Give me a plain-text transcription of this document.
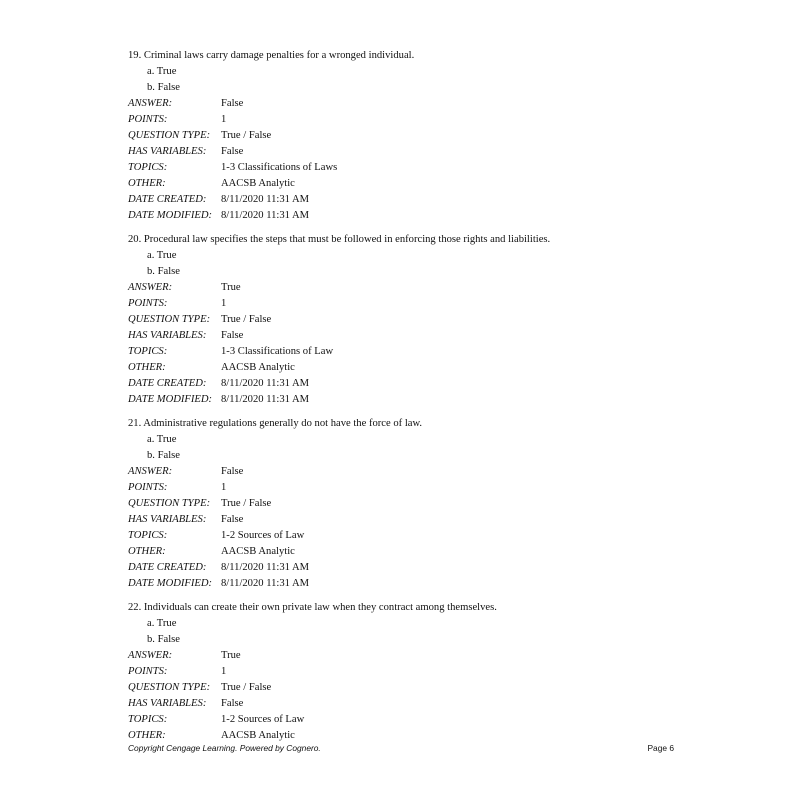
19. Criminal laws carry damage penalties for a wronged individual.
a. True
b. False
ANSWER:	False
POINTS:	1
QUESTION TYPE: True / False
HAS VARIABLES: False
TOPICS:	1-3 Classifications of Laws
OTHER:	AACSB Analytic
DATE CREATED: 8/11/2020 11:31 AM
DATE MODIFIED: 8/11/2020 11:31 AM
20. Procedural law specifies the steps that must be followed in enforcing those rights and liabilities.
a. True
b. False
ANSWER:	True
POINTS:	1
QUESTION TYPE: True / False
HAS VARIABLES: False
TOPICS:	1-3 Classifications of Law
OTHER:	AACSB Analytic
DATE CREATED: 8/11/2020 11:31 AM
DATE MODIFIED: 8/11/2020 11:31 AM
21. Administrative regulations generally do not have the force of law.
a. True
b. False
ANSWER:	False
POINTS:	1
QUESTION TYPE: True / False
HAS VARIABLES: False
TOPICS:	1-2 Sources of Law
OTHER:	AACSB Analytic
DATE CREATED: 8/11/2020 11:31 AM
DATE MODIFIED: 8/11/2020 11:31 AM
22. Individuals can create their own private law when they contract among themselves.
a. True
b. False
ANSWER:	True
POINTS:	1
QUESTION TYPE: True / False
HAS VARIABLES: False
TOPICS:	1-2 Sources of Law
OTHER:	AACSB Analytic
Copyright Cengage Learning. Powered by Cognero.	Page 6
